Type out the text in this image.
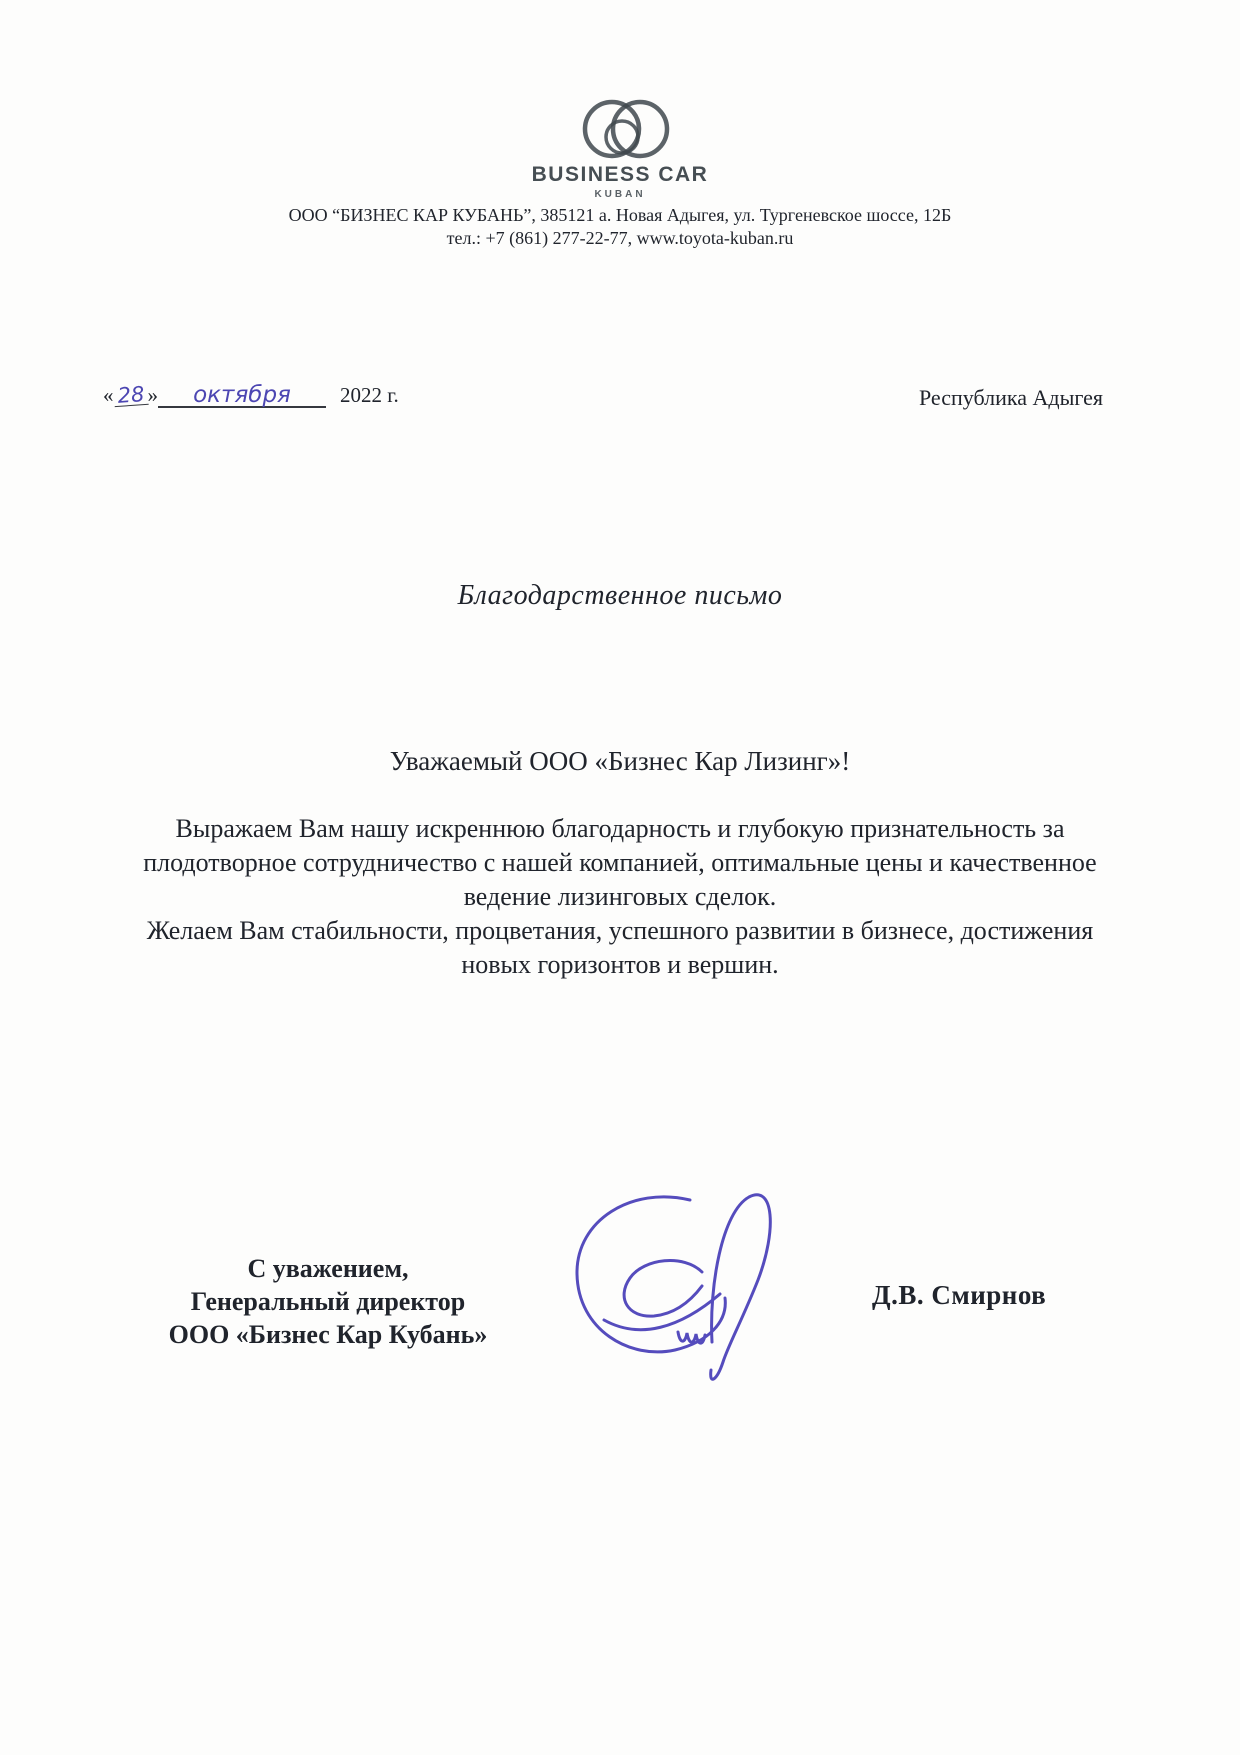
BUSINESS CAR
KUBAN
ООО “БИЗНЕС КАР КУБАНЬ”, 385121 а. Новая Адыгея, ул. Тургеневское шоссе, 12Б
тел.: +7 (861) 277-22-77, www.toyota-kuban.ru
« 28 » октября 2022 г.	Республика Адыгея
Благодарственное письмо
Уважаемый ООО «Бизнес Кар Лизинг»!
Выражаем Вам нашу искреннюю благодарность и глубокую признательность за
плодотворное сотрудничество с нашей компанией, оптимальные цены и качественное
ведение лизинговых сделок.
Желаем Вам стабильности, процветания, успешного развитии в бизнесе, достижения
новых горизонтов и вершин.
С уважением,
Генеральный директор
ООО «Бизнес Кар Кубань»
Д.В. Смирнов
